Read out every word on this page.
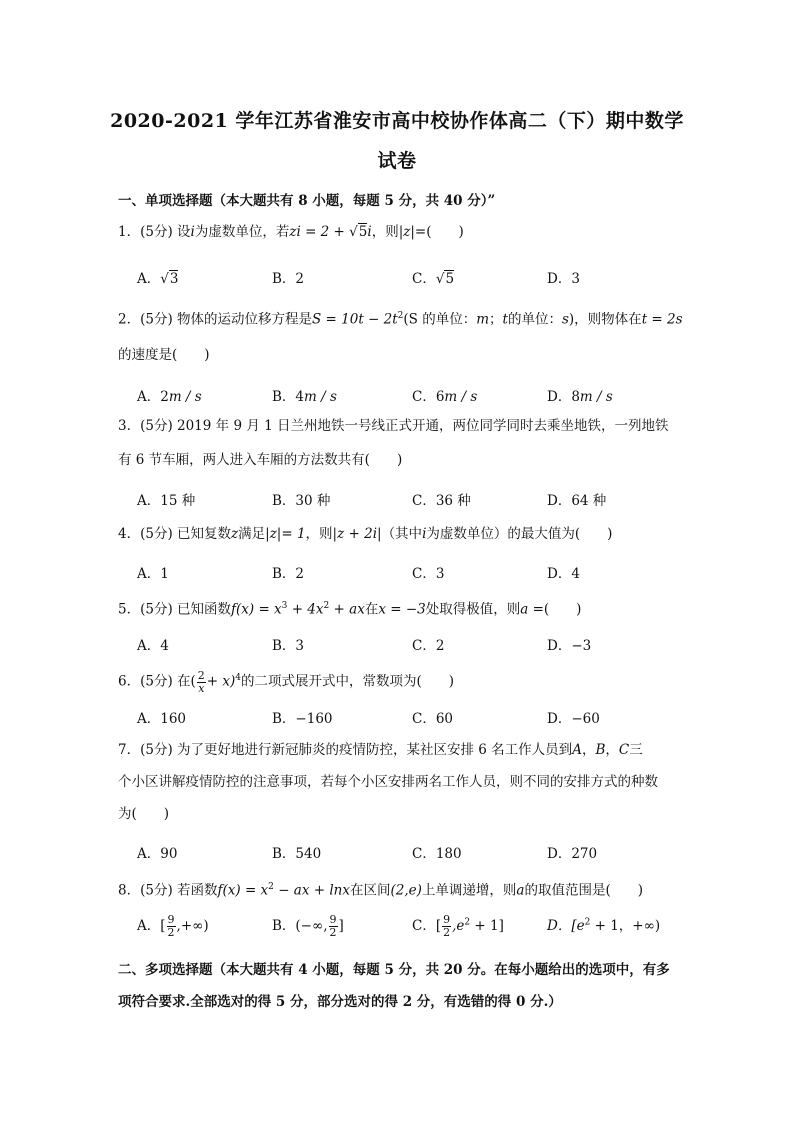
2020-2021 学年江苏省淮安市高中校协作体高二（下）期中数学
试卷
一、单项选择题（本大题共有 8 小题，每题 5 分，共 40 分）”
1．(5分) 设i为虚数单位，若zi = 2 + √5i，则|z|=(　　)
A．√3	B．2	C．√5	D．3
2．(5分) 物体的运动位移方程是$S = 10t - 2t^2(S$ 的单位：m；t的单位：s)，则物体在t = 2s
的速度是(　　)
A．2m / s	B．4m / s	C．6m / s	D．8m / s
3．(5分) 2019 年 9 月 1 日兰州地铁一号线正式开通，两位同学同时去乘坐地铁，一列地铁
有 6 节车厢，两人进入车厢的方法数共有(　　)
A．15 种	B．30 种	C．36 种	D．64 种
4．(5分) 已知复数z满足|z|= 1，则|z + 2i|（其中i为虚数单位）的最大值为(　　)
A．1	B．2	C．3	D．4
5．(5分) 已知函数$f(x) = x^3 + 4x^2$ + ax在x = −3处取得极值，则a =(　　)
A．4	B．3	C．2	D．−3
6．(5分) 在( $\frac{2}{x} + x)^4$的二项式展开式中，常数项为(　　)
A．160	B．−160	C．60	D．−60
7．(5分) 为了更好地进行新冠肺炎的疫情防控，某社区安排 6 名工作人员到A，B，C三
个小区讲解疫情防控的注意事项，若每个小区安排两名工作人员，则不同的安排方式的种数
为(　　)
A．90	B．540	C．180	D．270
8．(5分) 若函数$f(x) = x^2$ − ax + lnx在区间(2,e)上单调递增，则a的取值范围是(　　)
A．[ $\frac{9}{2}$ ,+∞)	B．(−∞, $\frac{9}{2}$ ]	C．[ $\frac{9}{2} ,e^2 + 1$]	D．[$e^2 + 1$，+∞)
二、多项选择题（本大题共有 4 小题，每题 5 分，共 20 分。在每小题给出的选项中，有多
项符合要求.全部选对的得 5 分，部分选对的得 2 分，有选错的得 0 分.）
